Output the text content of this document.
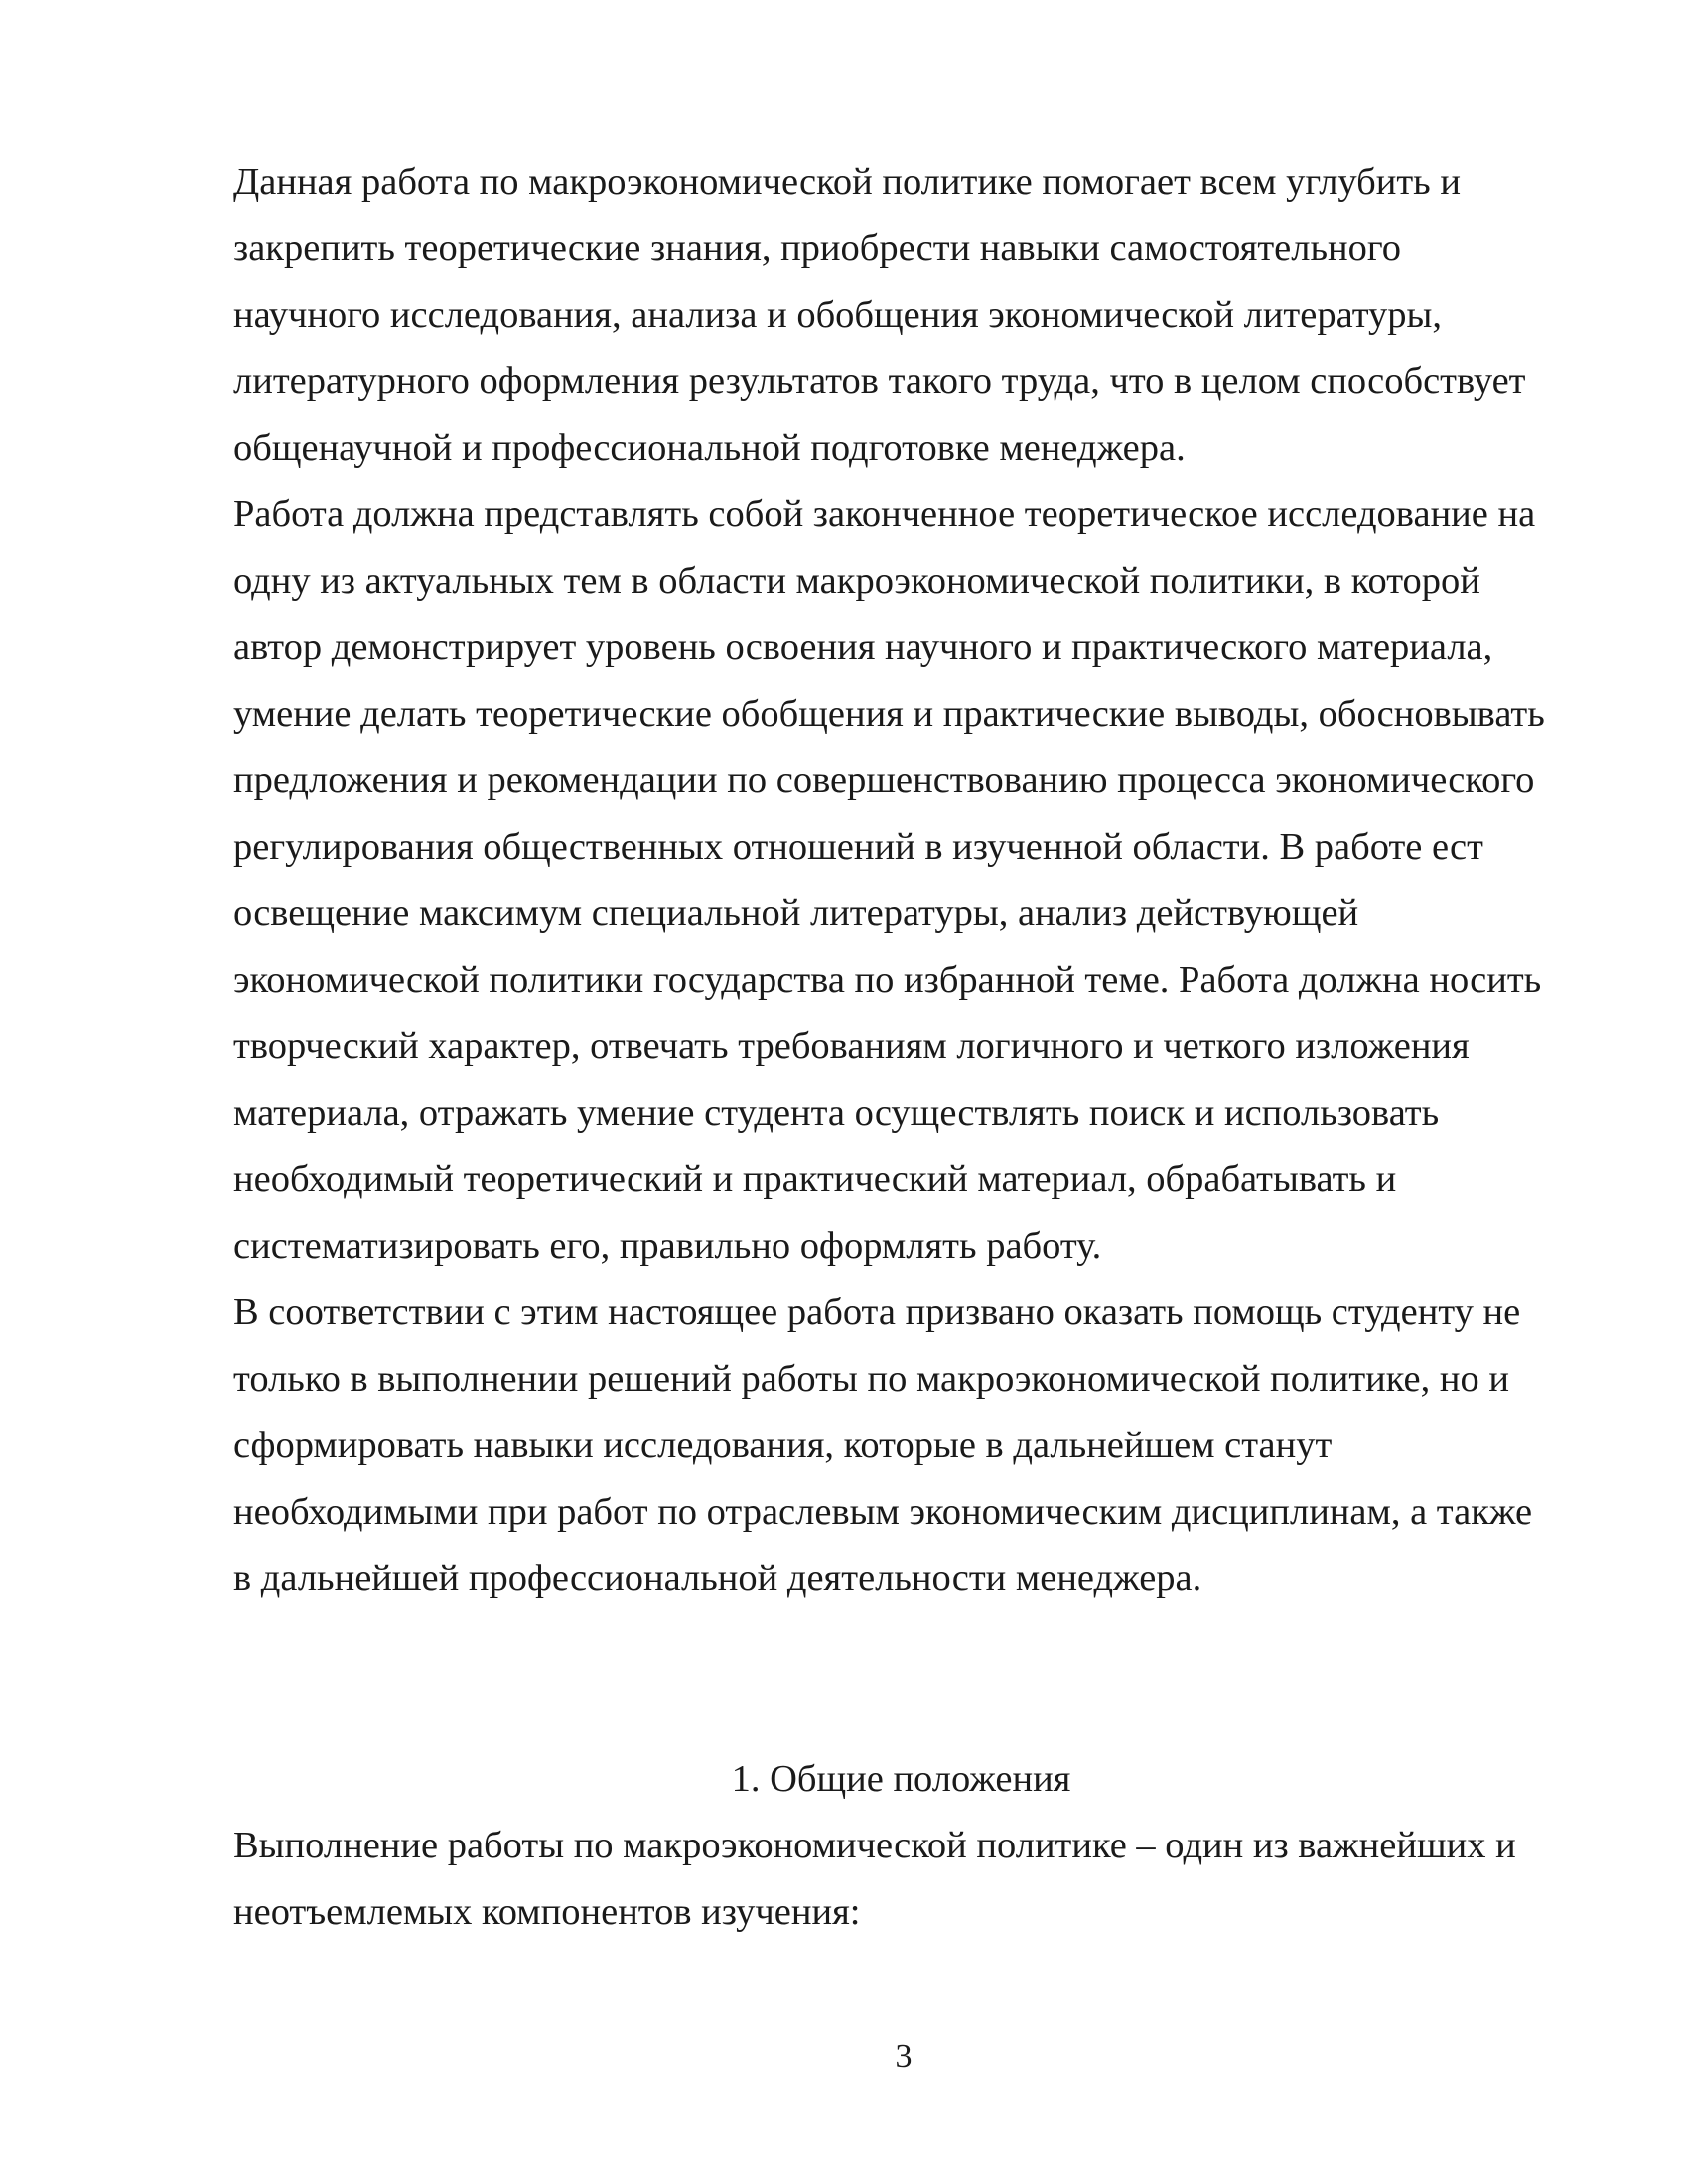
Данная работа по макроэкономической политике помогает всем углубить и
закрепить теоретические знания, приобрести навыки самостоятельного
научного исследования, анализа и обобщения экономической литературы,
литературного оформления результатов такого труда, что в целом способствует
общенаучной и профессиональной подготовке менеджера.
Работа должна представлять собой законченное теоретическое исследование на
одну из актуальных тем в области макроэкономической политики, в которой
автор демонстрирует уровень освоения научного и практического материала,
умение делать теоретические обобщения и практические выводы, обосновывать
предложения и рекомендации по совершенствованию процесса экономического
регулирования общественных отношений в изученной области. В работе ест
освещение максимум специальной литературы, анализ действующей
экономической политики государства по избранной теме. Работа должна носить
творческий характер, отвечать требованиям логичного и четкого изложения
материала, отражать умение студента осуществлять поиск и использовать
необходимый теоретический и практический материал, обрабатывать и
систематизировать его, правильно оформлять работу.
В соответствии с этим настоящее работа призвано оказать помощь студенту не
только в выполнении решений работы по макроэкономической политике, но и
сформировать навыки исследования, которые в дальнейшем станут
необходимыми при работ по отраслевым экономическим дисциплинам, а также
в дальнейшей профессиональной деятельности менеджера.
1. Общие положения
Выполнение работы по макроэкономической политике – один из важнейших и
неотъемлемых компонентов изучения:
3
